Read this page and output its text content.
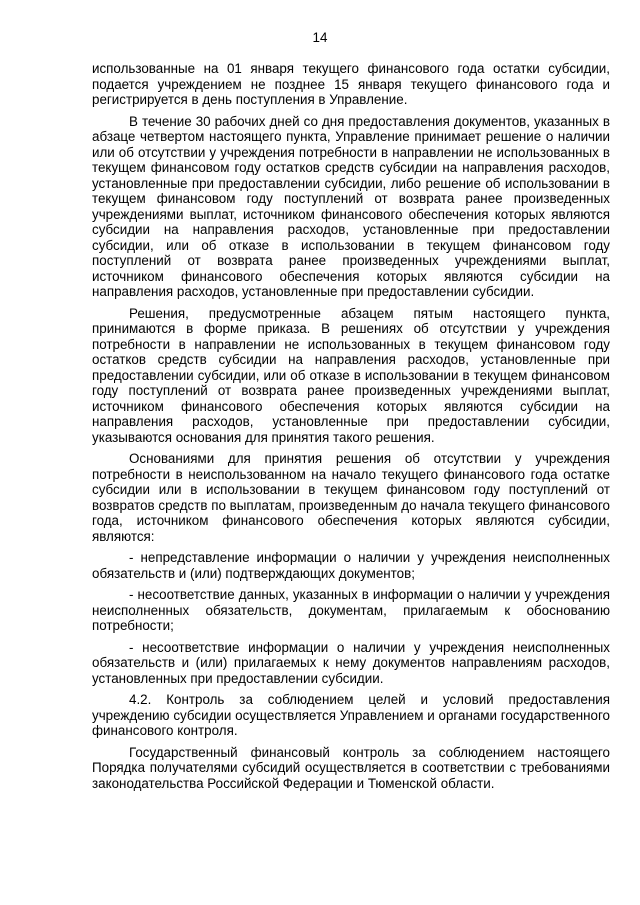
14

использованные на 01 января текущего финансового года остатки субсидии, подается учреждением не позднее 15 января текущего финансового года и регистрируется в день поступления в Управление.

В течение 30 рабочих дней со дня предоставления документов, указанных в абзаце четвертом настоящего пункта, Управление принимает решение о наличии или об отсутствии у учреждения потребности в направлении не использованных в текущем финансовом году остатков средств субсидии на направления расходов, установленные при предоставлении субсидии, либо решение об использовании в текущем финансовом году поступлений от возврата ранее произведенных учреждениями выплат, источником финансового обеспечения которых являются субсидии на направления расходов, установленные при предоставлении субсидии, или об отказе в использовании в текущем финансовом году поступлений от возврата ранее произведенных учреждениями выплат, источником финансового обеспечения которых являются субсидии на направления расходов, установленные при предоставлении субсидии.

Решения, предусмотренные абзацем пятым настоящего пункта, принимаются в форме приказа. В решениях об отсутствии у учреждения потребности в направлении не использованных в текущем финансовом году остатков средств субсидии на направления расходов, установленные при предоставлении субсидии, или об отказе в использовании в текущем финансовом году поступлений от возврата ранее произведенных учреждениями выплат, источником финансового обеспечения которых являются субсидии на направления расходов, установленные при предоставлении субсидии, указываются основания для принятия такого решения.

Основаниями для принятия решения об отсутствии у учреждения потребности в неиспользованном на начало текущего финансового года остатке субсидии или в использовании в текущем финансовом году поступлений от возвратов средств по выплатам, произведенным до начала текущего финансового года, источником финансового обеспечения которых являются субсидии, являются:

- непредставление информации о наличии у учреждения неисполненных обязательств и (или) подтверждающих документов;

- несоответствие данных, указанных в информации о наличии у учреждения неисполненных обязательств, документам, прилагаемым к обоснованию потребности;

- несоответствие информации о наличии у учреждения неисполненных обязательств и (или) прилагаемых к нему документов направлениям расходов, установленных при предоставлении субсидии.

4.2. Контроль за соблюдением целей и условий предоставления учреждению субсидии осуществляется Управлением и органами государственного финансового контроля.

Государственный финансовый контроль за соблюдением настоящего Порядка получателями субсидий осуществляется в соответствии с требованиями законодательства Российской Федерации и Тюменской области.
